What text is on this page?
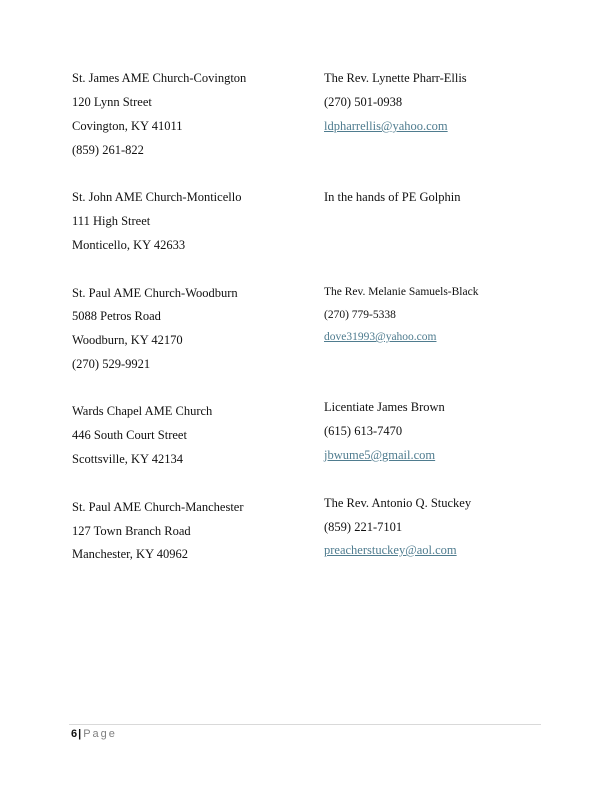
St. James AME Church-Covington
120 Lynn Street
Covington, KY 41011
(859) 261-822
The Rev. Lynette Pharr-Ellis
(270) 501-0938
ldpharrellis@yahoo.com
St. John AME Church-Monticello
111 High Street
Monticello, KY 42633
In the hands of PE Golphin
St. Paul AME Church-Woodburn
5088 Petros Road
Woodburn, KY 42170
(270) 529-9921
The Rev. Melanie Samuels-Black
(270) 779-5338
dove31993@yahoo.com
Wards Chapel AME Church
446 South Court Street
Scottsville, KY 42134
Licentiate James Brown
(615) 613-7470
jbwume5@gmail.com
St. Paul AME Church-Manchester
127 Town Branch Road
Manchester, KY 40962
The Rev. Antonio Q. Stuckey
(859) 221-7101
preacherstuckey@aol.com
6| Page
